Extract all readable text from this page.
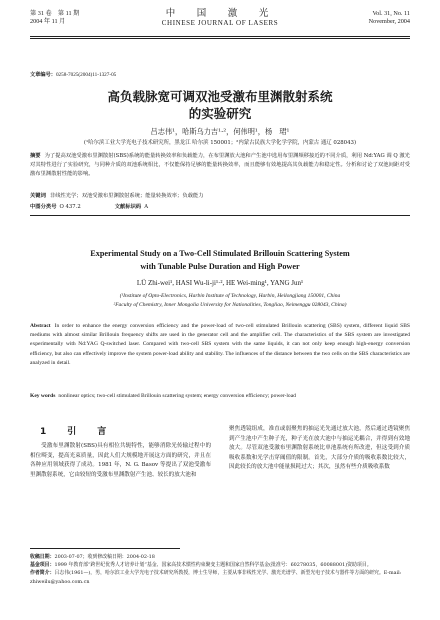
第 31 卷　第 11 期
2004 年 11 月
中　国　激　光
CHINESE JOURNAL OF LASERS
Vol. 31, No. 11
November, 2004
文章编号：0258-7025(2004)11-1327-05
高负载脉宽可调双池受激布里渊散射系统
的实验研究
吕志伟¹，哈斯乌力吉¹·²，何伟明¹，杨　珺¹
(¹哈尔滨工业大学光电子技术研究所，黑龙江 哈尔滨 150001；²内蒙古民族大学化学学院，内蒙古 通辽 028043)
摘要 为了提高双池受激布里渊散射(SBS)系统的能量转换效率和负载能力，在布里渊放大池和产生池中选用布里渊频移接近的不同介质，利用 Nd:YAG 调 Q 激光对其特性进行了实验研究，与同种介质的双池系统相比，不仅能保持足够的能量转换效率，而且能够有效地提高其负载能力和稳定性。分析和讨论了双池间距对受激布里渊散射性能的影响。
关键词 非线性光学；双池受激布里渊散射系统；能量转换效率；负载能力
中图分类号 O 437.2	文献标识码 A
Experimental Study on a Two-Cell Stimulated Brillouin Scattering System
with Tunable Pulse Duration and High Power
LÜ Zhi-wei¹, HASI Wu-li-ji¹·², HE Wei-ming¹, YANG Jun¹
(¹Institute of Opto-Electronics, Harbin Institute of Technology, Harbin, Heilongjiang 150001, China
²Faculty of Chemistry, Inner Mongolia University for Nationalities, Tongliao, Neimenggu 028043, China)
Abstract In order to enhance the energy conversion efficiency and the power-load of two-cell stimulated Brillouin scattering (SBS) system, different liquid SBS mediums with almost similar Brillouin frequency shifts are used in the generator cell and the amplifier cell. The characteristics of the SBS system are investigated experimentally with Nd:YAG Q-switched laser. Compared with two-cell SBS system with the same liquids, it can not only keep enough high-energy conversion efficiency, but also can effectively improve the system power-load ability and stability. The influences of the distance between the two cells on the SBS characteristics are analyzed in detail.
Key words nonlinear optics; two-cell stimulated Brillouin scattering system; energy conversion efficiency; power-load
1　引　言
受激布里渊散射(SBS)具有相位共轭特性，能够消除光传输过程中的相位畸变，提高光束质量，因此人们大规模地开展这方面的研究，并且在各种应用领域获得了成功。1981 年，N. G. Basov 等提出了双池受激布里渊散射系统，它由较短的受激布里渊散射产生池、较长的放大池和
聚焦透镜组成，准直或弱聚焦的抽运光先通过放大池，然后通过透镜聚焦到产生池中产生种子光，种子光在放大池中与抽运光耦合，并得到有效地放大。尽管双池受激布里渊散射系统比单池系统有所改进，但这受到介质吸收系数和光学击穿阈值的限制。首先，大部分介质的吸收系数比较大，因此较长的放大池中能量损耗过大；其次，虽然有些介质吸收系数
收稿日期：2003-07-07；收到修改稿日期：2004-02-18
基金项目：1999 年教育部“跨世纪优秀人才培养计划”基金、国家高技术惯性约束聚变主题和国家自然科学基金(批准号：60278035，60088001)资助项目。
作者简介：吕志伟(1961—)，男，哈尔滨工业大学光电子技术研究所教授，博士生导师，主要从事非线性光学、激光光谱学、新型光电子技术与器件等方面的研究。E-mail: zhiweilu@yahoo.com.cn
